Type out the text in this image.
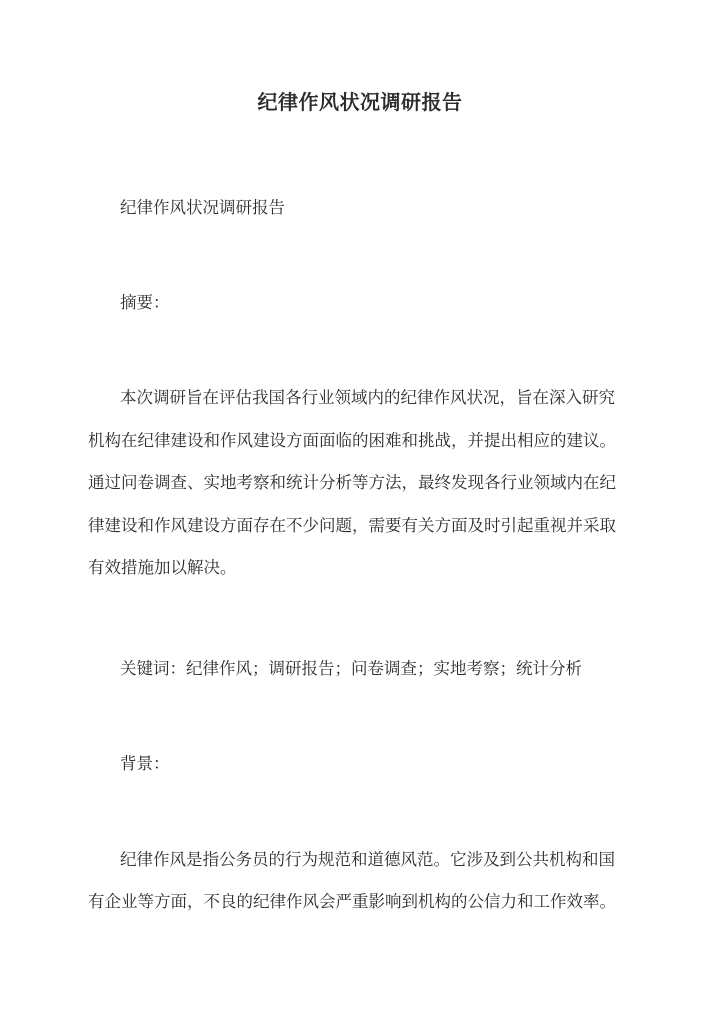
纪律作风状况调研报告

纪律作风状况调研报告

摘要：

本次调研旨在评估我国各行业领域内的纪律作风状况，旨在深入研究

机构在纪律建设和作风建设方面面临的困难和挑战，并提出相应的建议。

通过问卷调查、实地考察和统计分析等方法，最终发现各行业领域内在纪

律建设和作风建设方面存在不少问题，需要有关方面及时引起重视并采取

有效措施加以解决。

关键词：纪律作风；调研报告；问卷调查；实地考察；统计分析

背景：

纪律作风是指公务员的行为规范和道德风范。它涉及到公共机构和国

有企业等方面，不良的纪律作风会严重影响到机构的公信力和工作效率。
